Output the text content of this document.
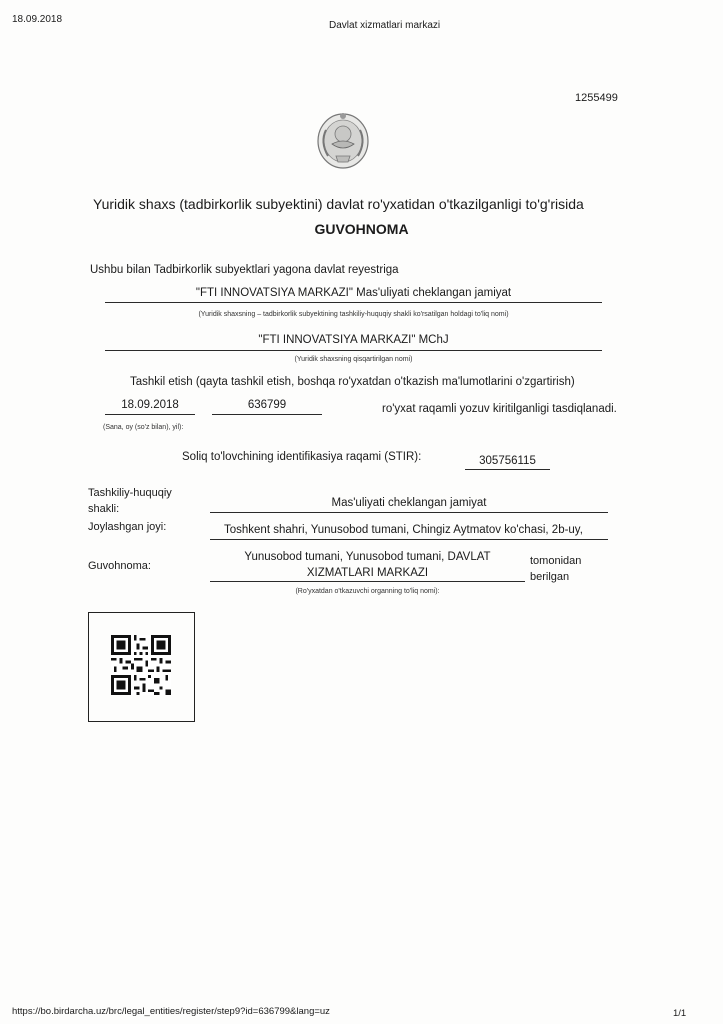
18.09.2018
Davlat xizmatlari markazi
1255499
Yuridik shaxs (tadbirkorlik subyektini) davlat ro'yxatidan o'tkazilganligi to'g'risida
GUVOHNOMA
Ushbu bilan Tadbirkorlik subyektlari yagona davlat reyestriga
"FTI INNOVATSIYA MARKAZI" Mas'uliyati cheklangan jamiyat
(Yuridik shaxsning – tadbirkorlik subyektining tashkiliy-huquqiy shakli ko'rsatilgan holdagi to'liq nomi)
"FTI INNOVATSIYA MARKAZI" MChJ
(Yuridik shaxsning qisqartirilgan nomi)
Tashkil etish (qayta tashkil etish, boshqa ro'yxatdan o'tkazish ma'lumotlarini o'zgartirish)
18.09.2018	636799	ro'yxat raqamli yozuv kiritilganligi tasdiqlanadi.
(Sana, oy (so'z bilan), yil):
Soliq to'lovchining identifikasiya raqami (STIR):	305756115
Tashkiliy-huquqiy
shakli:	Mas'uliyati cheklangan jamiyat
Joylashgan joyi:	Toshkent shahri, Yunusobod tumani, Chingiz Aytmatov ko'chasi, 2b-uy,
Guvohnoma:
Yunusobod tumani, Yunusobod tumani, DAVLAT
XIZMATLARI MARKAZI
tomonidan
berilgan
(Ro'yxatdan o'tkazuvchi organning to'liq nomi):
https://bo.birdarcha.uz/brc/legal_entities/register/step9?id=636799&lang=uz	1/1
